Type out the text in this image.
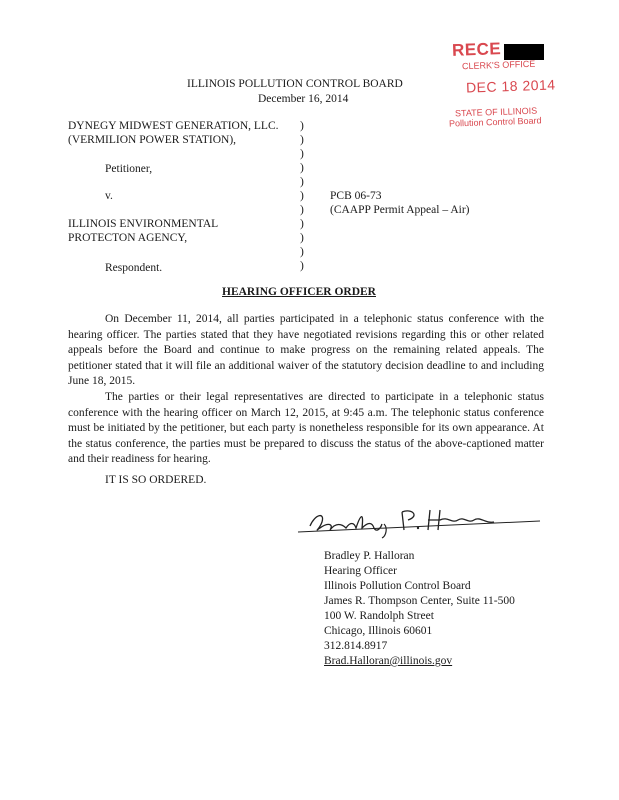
RECE
CLERK'S OFFICE
DEC 18 2014
STATE OF ILLINOIS
Pollution Control Board
ILLINOIS POLLUTION CONTROL BOARD
December 16, 2014
DYNEGY MIDWEST GENERATION, LLC.
(VERMILION POWER STATION),
Petitioner,
v.
ILLINOIS ENVIRONMENTAL
PROTECTON AGENCY,
Respondent.
)
)
)
)
)
)
)
)
)
)
)
PCB 06-73
(CAAPP Permit Appeal – Air)
HEARING OFFICER ORDER
On December 11, 2014, all parties participated in a telephonic status conference with the hearing officer. The parties stated that they have negotiated revisions regarding this or other related appeals before the Board and continue to make progress on the remaining related appeals. The petitioner stated that it will file an additional waiver of the statutory decision deadline to and including June 18, 2015.
The parties or their legal representatives are directed to participate in a telephonic status conference with the hearing officer on March 12, 2015, at 9:45 a.m. The telephonic status conference must be initiated by the petitioner, but each party is nonetheless responsible for its own appearance. At the status conference, the parties must be prepared to discuss the status of the above-captioned matter and their readiness for hearing.
IT IS SO ORDERED.
Bradley P. Halloran
Hearing Officer
Illinois Pollution Control Board
James R. Thompson Center, Suite 11-500
100 W. Randolph Street
Chicago, Illinois 60601
312.814.8917
Brad.Halloran@illinois.gov
